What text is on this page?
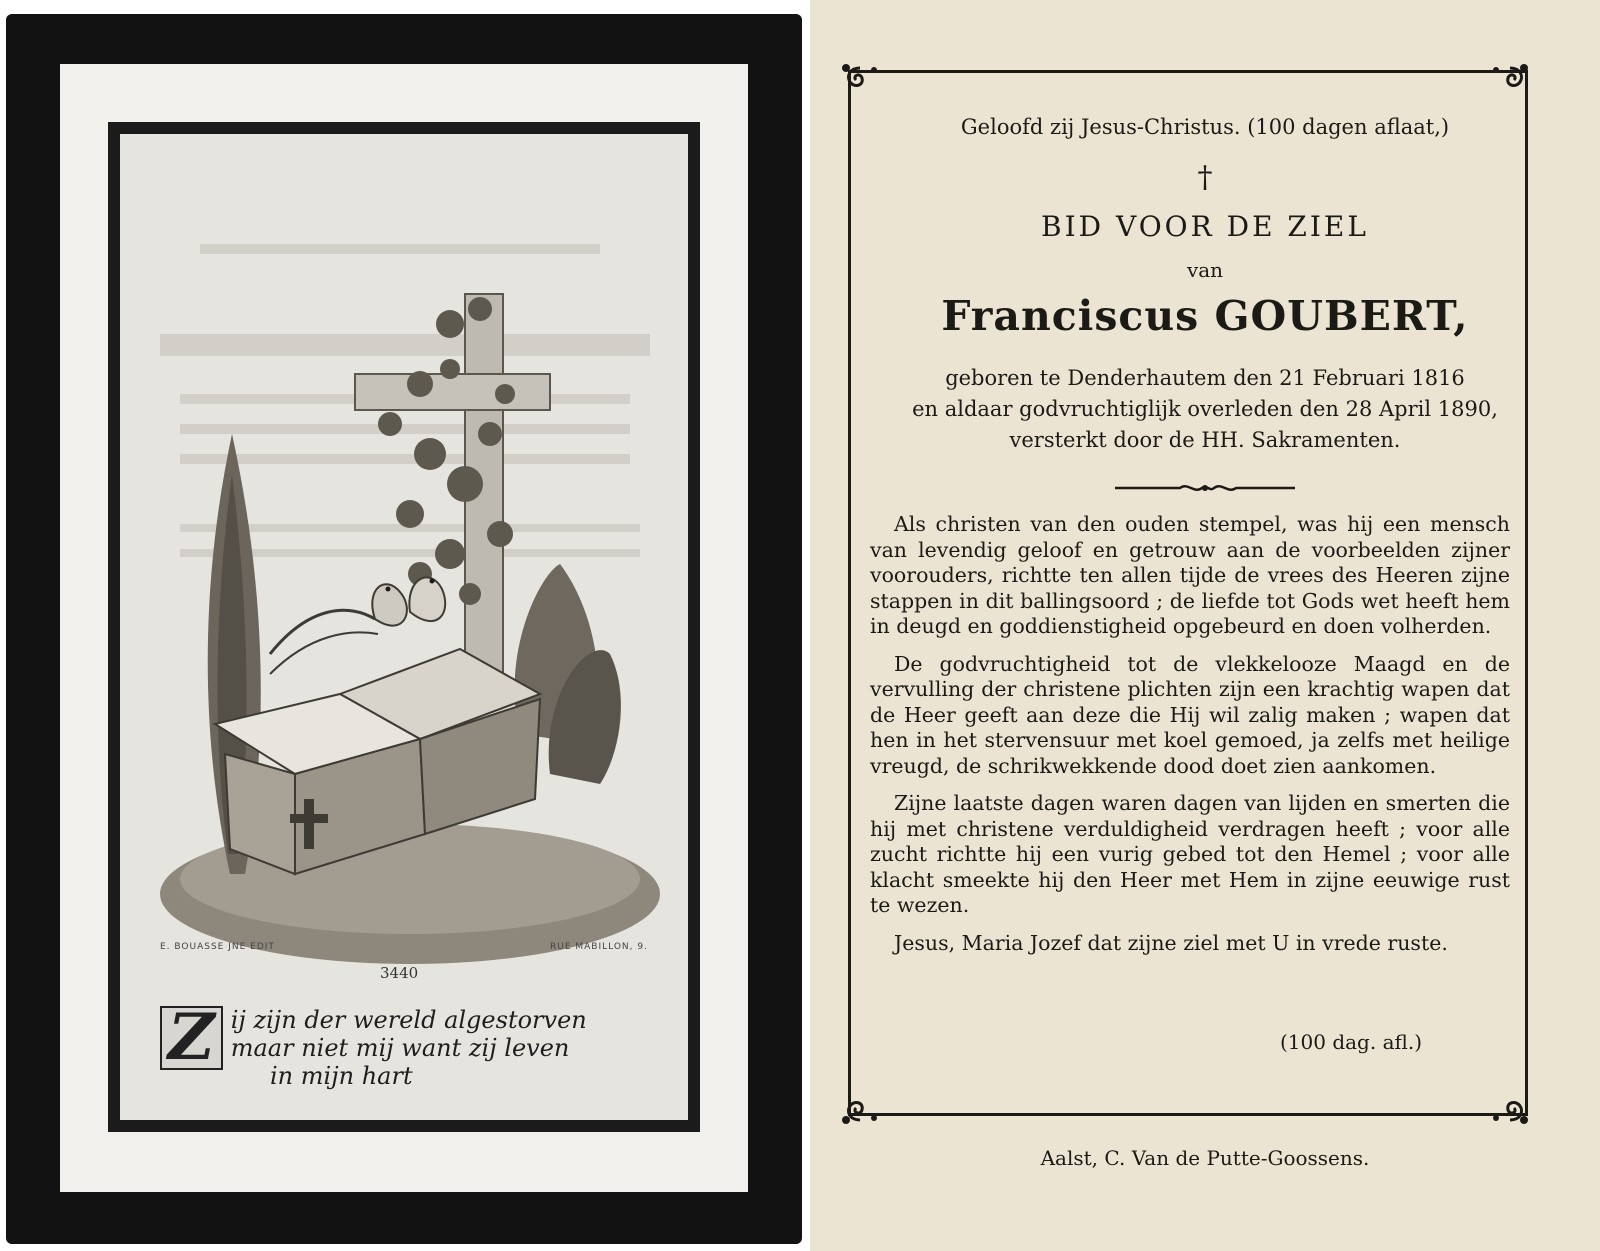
E. BOUASSE JNE EDIT	RUE MABILLON, 9.
3440
Z ij zijn der wereld algestorven
maar niet mij want zij leven
in mijn hart
Geloofd zij Jesus-Christus. (100 dagen aflaat,)
†
BID VOOR DE ZIEL
van
Franciscus GOUBERT,
geboren te Denderhautem den 21 Februari 1816
en aldaar godvruchtiglijk overleden den 28 April 1890,
versterkt door de HH. Sakramenten.

Als christen van den ouden stempel, was hij een mensch van levendig geloof en getrouw aan de voorbeelden zijner voorouders, richtte ten allen tijde de vrees des Heeren zijne stappen in dit ballingsoord ; de liefde tot Gods wet heeft hem in deugd en goddienstigheid opgebeurd en doen volherden.

De godvruchtigheid tot de vlekkelooze Maagd en de vervulling der christene plichten zijn een krachtig wapen dat de Heer geeft aan deze die Hij wil zalig maken ; wapen dat hen in het stervensuur met koel gemoed, ja zelfs met heilige vreugd, de schrikwekkende dood doet zien aankomen.

Zijne laatste dagen waren dagen van lijden en smerten die hij met christene verduldigheid verdragen heeft ; voor alle zucht richtte hij een vurig gebed tot den Hemel ; voor alle klacht smeekte hij den Heer met Hem in zijne eeuwige rust te wezen.

Jesus, Maria Jozef dat zijne ziel met U in vrede ruste.

(100 dag. afl.)
Aalst, C. Van de Putte-Goossens.
